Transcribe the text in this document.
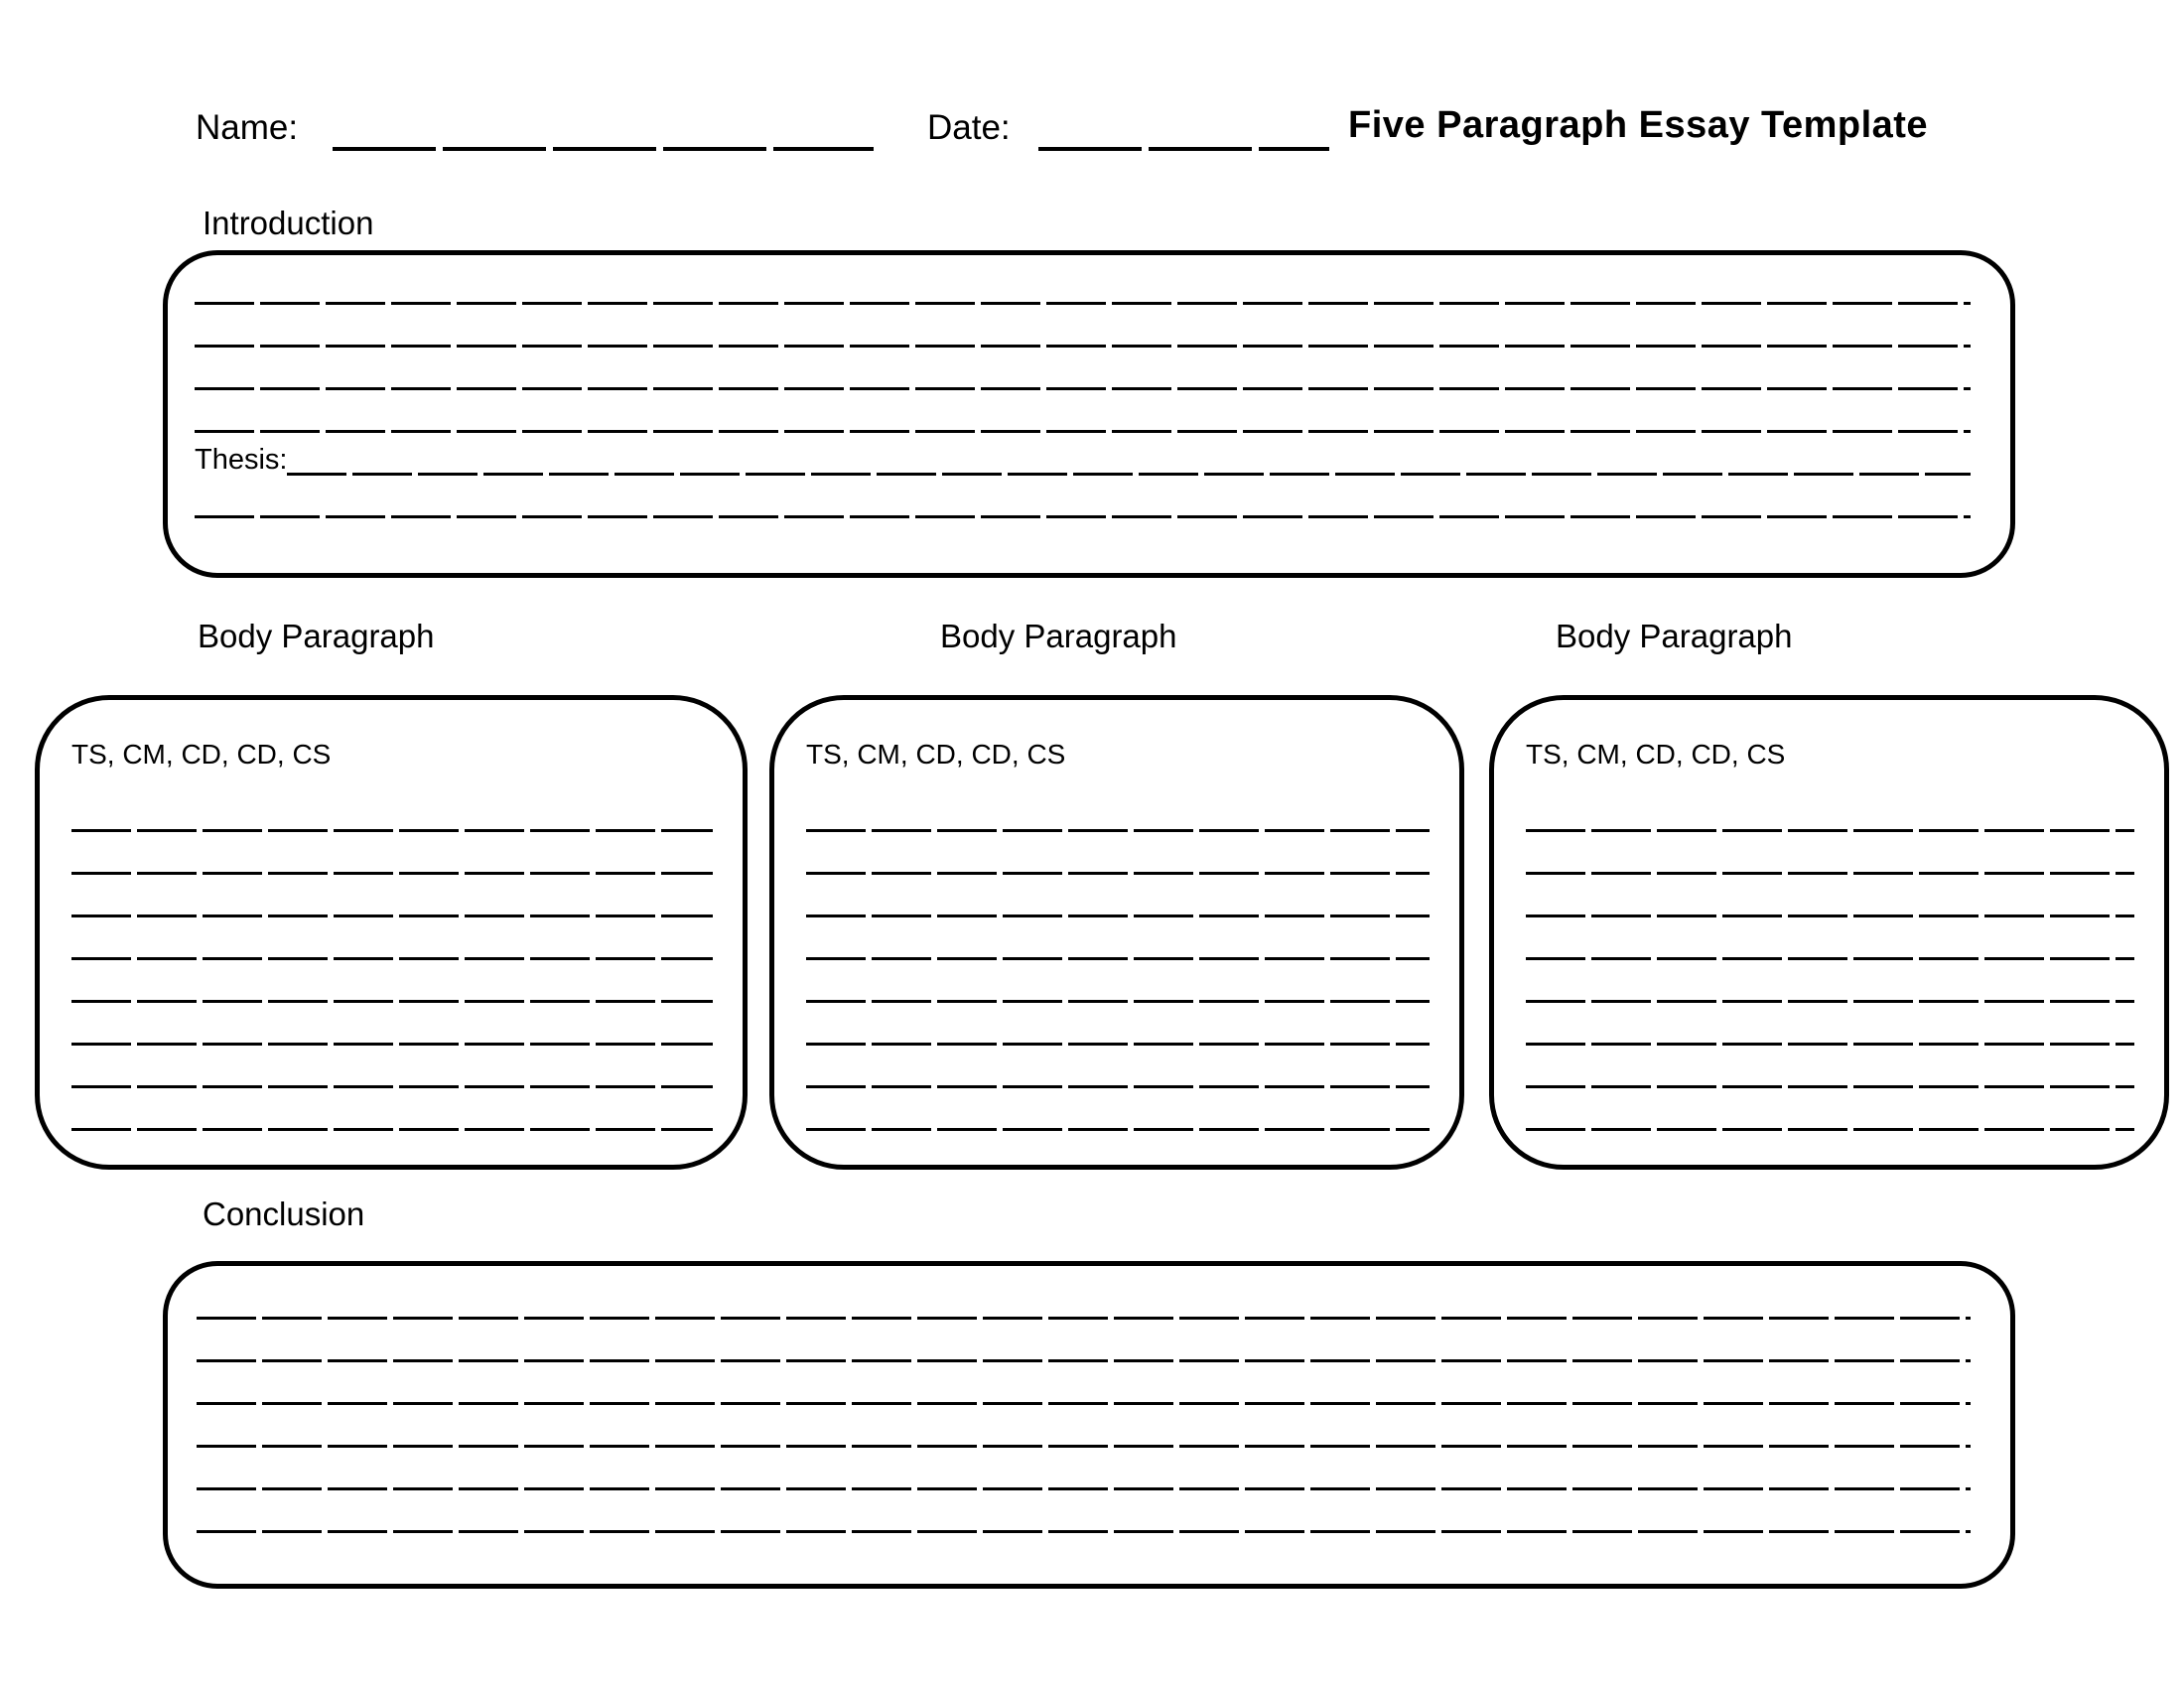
Name:	Date:	Five Paragraph Essay Template
Introduction
Thesis:
Body Paragraph	Body Paragraph	Body Paragraph
TS, CM, CD, CD, CS	TS, CM, CD, CD, CS	TS, CM, CD, CD, CS
Conclusion
